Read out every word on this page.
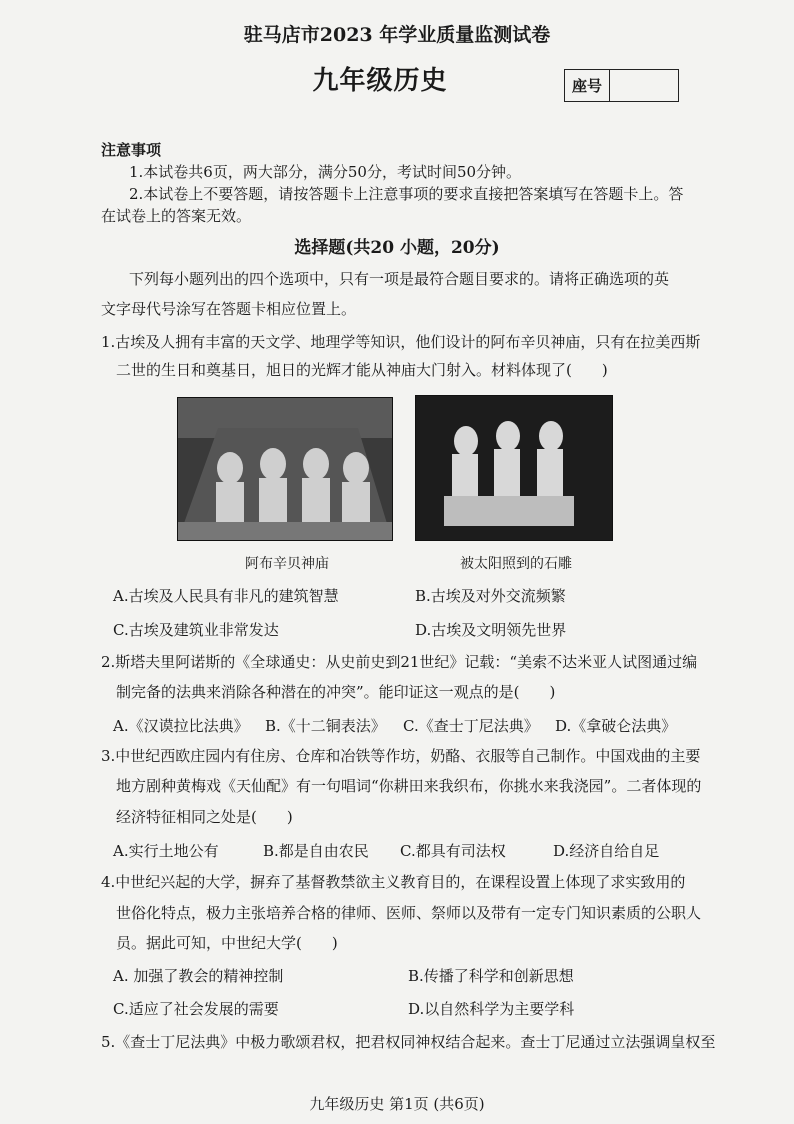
驻马店市2023 年学业质量监测试卷
九年级历史	座号
注意事项
1.本试卷共6页，两大部分，满分50分，考试时间50分钟。
2.本试卷上不要答题，请按答题卡上注意事项的要求直接把答案填写在答题卡上。答
在试卷上的答案无效。
选择题(共20 小题，20分)
下列每小题列出的四个选项中，只有一项是最符合题目要求的。请将正确选项的英
文字母代号涂写在答题卡相应位置上。
1.古埃及人拥有丰富的天文学、地理学等知识，他们设计的阿布辛贝神庙，只有在拉美西斯
二世的生日和奠基日，旭日的光辉才能从神庙大门射入。材料体现了(　　)
阿布辛贝神庙	被太阳照到的石雕
A.古埃及人民具有非凡的建筑智慧	B.古埃及对外交流频繁
C.古埃及建筑业非常发达	D.古埃及文明领先世界
2.斯塔夫里阿诺斯的《全球通史：从史前史到21世纪》记载：“美索不达米亚人试图通过编
制完备的法典来消除各种潜在的冲突”。能印证这一观点的是(　　)
A.《汉谟拉比法典》 B.《十二铜表法》 C.《查士丁尼法典》 D.《拿破仑法典》
3.中世纪西欧庄园内有住房、仓库和冶铁等作坊，奶酪、衣服等自己制作。中国戏曲的主要
地方剧种黄梅戏《天仙配》有一句唱词“你耕田来我织布，你挑水来我浇园”。二者体现的
经济特征相同之处是(　　)
A.实行土地公有	B.都是自由农民 C.都具有司法权	D.经济自给自足
4.中世纪兴起的大学，摒弃了基督教禁欲主义教育目的，在课程设置上体现了求实致用的
世俗化特点，极力主张培养合格的律师、医师、祭师以及带有一定专门知识素质的公职人
员。据此可知，中世纪大学(　　)
A. 加强了教会的精神控制	B.传播了科学和创新思想
C.适应了社会发展的需要	D.以自然科学为主要学科
5.《查士丁尼法典》中极力歌颂君权，把君权同神权结合起来。查士丁尼通过立法强调皇权至
九年级历史 第1页 (共6页)
